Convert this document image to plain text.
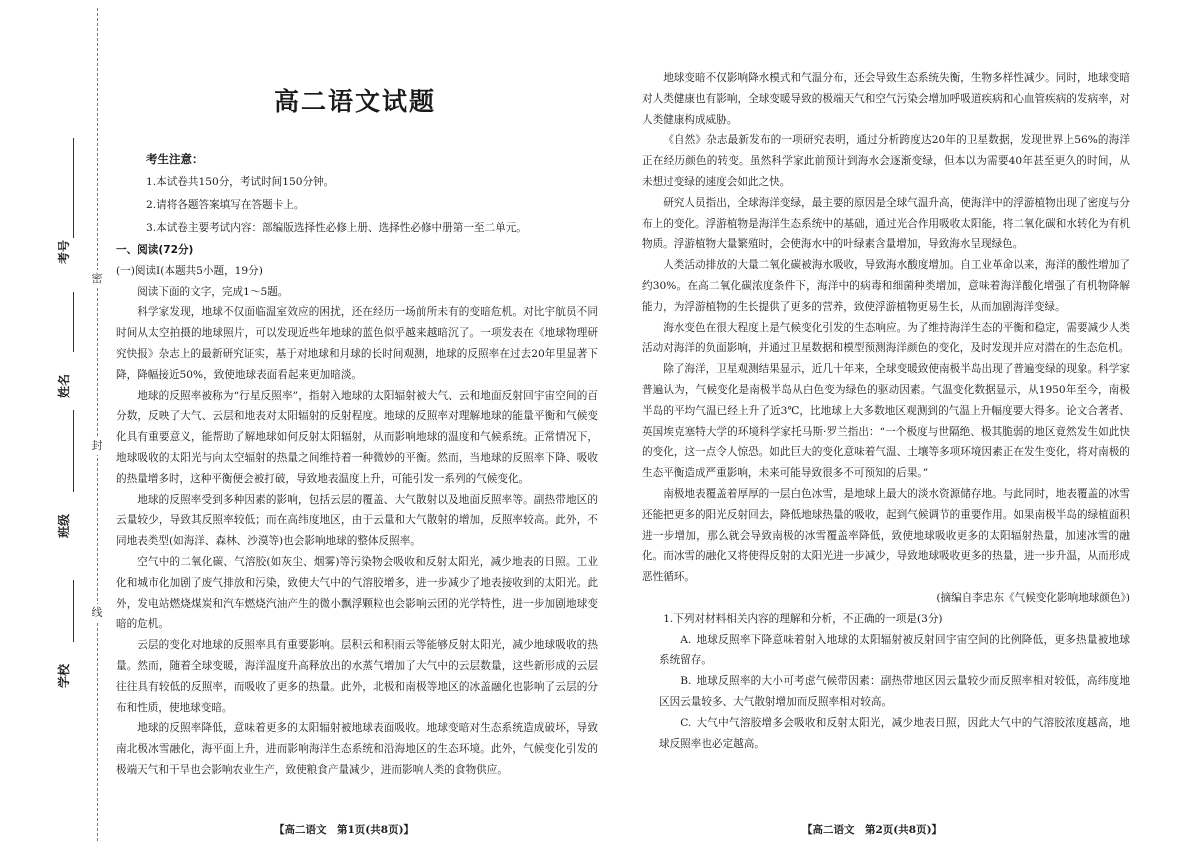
密
封
线
考号
姓名
班级
学校
高二语文试题
考生注意：
1.本试卷共150分，考试时间150分钟。
2.请将各题答案填写在答题卡上。
3.本试卷主要考试内容：部编版选择性必修上册、选择性必修中册第一至二单元。

一、阅读(72分)

(一)阅读Ⅰ(本题共5小题，19分)

阅读下面的文字，完成1～5题。

科学家发现，地球不仅面临温室效应的困扰，还在经历一场前所未有的变暗危机。对比宇航员不同时间从太空拍摄的地球照片，可以发现近些年地球的蓝色似乎越来越暗沉了。一项发表在《地球物理研究快报》杂志上的最新研究证实，基于对地球和月球的长时间观测，地球的反照率在过去20年里显著下降，降幅接近50%，致使地球表面看起来更加暗淡。

地球的反照率被称为“行星反照率”，指射入地球的太阳辐射被大气、云和地面反射回宇宙空间的百分数，反映了大气、云层和地表对太阳辐射的反射程度。地球的反照率对理解地球的能量平衡和气候变化具有重要意义，能帮助了解地球如何反射太阳辐射，从而影响地球的温度和气候系统。正常情况下，地球吸收的太阳光与向太空辐射的热量之间维持着一种微妙的平衡。然而，当地球的反照率下降、吸收的热量增多时，这种平衡便会被打破，导致地表温度上升，可能引发一系列的气候变化。

地球的反照率受到多种因素的影响，包括云层的覆盖、大气散射以及地面反照率等。副热带地区的云量较少，导致其反照率较低；而在高纬度地区，由于云量和大气散射的增加，反照率较高。此外，不同地表类型(如海洋、森林、沙漠等)也会影响地球的整体反照率。

空气中的二氧化碳、气溶胶(如灰尘、烟雾)等污染物会吸收和反射太阳光，减少地表的日照。工业化和城市化加剧了废气排放和污染，致使大气中的气溶胶增多，进一步减少了地表接收到的太阳光。此外，发电站燃烧煤炭和汽车燃烧汽油产生的微小飘浮颗粒也会影响云团的光学特性，进一步加剧地球变暗的危机。

云层的变化对地球的反照率具有重要影响。层积云和积雨云等能够反射太阳光，减少地球吸收的热量。然而，随着全球变暖，海洋温度升高释放出的水蒸气增加了大气中的云层数量，这些新形成的云层往往具有较低的反照率，而吸收了更多的热量。此外，北极和南极等地区的冰盖融化也影响了云层的分布和性质，使地球变暗。

地球的反照率降低，意味着更多的太阳辐射被地球表面吸收。地球变暗对生态系统造成破坏，导致南北极冰雪融化，海平面上升，进而影响海洋生态系统和沿海地区的生态环境。此外，气候变化引发的极端天气和干旱也会影响农业生产，致使粮食产量减少，进而影响人类的食物供应。

【高二语文　第1页(共8页)】

地球变暗不仅影响降水模式和气温分布，还会导致生态系统失衡，生物多样性减少。同时，地球变暗对人类健康也有影响，全球变暖导致的极端天气和空气污染会增加呼吸道疾病和心血管疾病的发病率，对人类健康构成威胁。

《自然》杂志最新发布的一项研究表明，通过分析跨度达20年的卫星数据，发现世界上56%的海洋正在经历颜色的转变。虽然科学家此前预计到海水会逐渐变绿，但本以为需要40年甚至更久的时间，从未想过变绿的速度会如此之快。

研究人员指出，全球海洋变绿，最主要的原因是全球气温升高，使海洋中的浮游植物出现了密度与分布上的变化。浮游植物是海洋生态系统中的基础，通过光合作用吸收太阳能，将二氧化碳和水转化为有机物质。浮游植物大量繁殖时，会使海水中的叶绿素含量增加，导致海水呈现绿色。

人类活动排放的大量二氧化碳被海水吸收，导致海水酸度增加。自工业革命以来，海洋的酸性增加了约30%。在高二氧化碳浓度条件下，海洋中的病毒和细菌种类增加，意味着海洋酸化增强了有机物降解能力，为浮游植物的生长提供了更多的营养，致使浮游植物更易生长，从而加剧海洋变绿。

海水变色在很大程度上是气候变化引发的生态响应。为了维持海洋生态的平衡和稳定，需要减少人类活动对海洋的负面影响，并通过卫星数据和模型预测海洋颜色的变化，及时发现并应对潜在的生态危机。

除了海洋，卫星观测结果显示，近几十年来，全球变暖致使南极半岛出现了普遍变绿的现象。科学家普遍认为，气候变化是南极半岛从白色变为绿色的驱动因素。气温变化数据显示，从1950年至今，南极半岛的平均气温已经上升了近3℃，比地球上大多数地区观测到的气温上升幅度要大得多。论文合著者、英国埃克塞特大学的环境科学家托马斯·罗兰指出：“一个极度与世隔绝、极其脆弱的地区竟然发生如此快的变化，这一点令人惊恐。如此巨大的变化意味着气温、土壤等多项环境因素正在发生变化，将对南极的生态平衡造成严重影响，未来可能导致很多不可预知的后果。”

南极地表覆盖着厚厚的一层白色冰雪，是地球上最大的淡水资源储存地。与此同时，地表覆盖的冰雪还能把更多的阳光反射回去，降低地球热量的吸收，起到气候调节的重要作用。如果南极半岛的绿植面积进一步增加，那么就会导致南极的冰雪覆盖率降低，致使地球吸收更多的太阳辐射热量，加速冰雪的融化。而冰雪的融化又将使得反射的太阳光进一步减少，导致地球吸收更多的热量，进一步升温，从而形成恶性循环。

(摘编自李忠东《气候变化影响地球颜色》)

1.下列对材料相关内容的理解和分析，不正确的一项是(3分)

A. 地球反照率下降意味着射入地球的太阳辐射被反射回宇宙空间的比例降低，更多热量被地球系统留存。

B. 地球反照率的大小可考虑气候带因素：副热带地区因云量较少而反照率相对较低，高纬度地区因云量较多、大气散射增加而反照率相对较高。

C. 大气中气溶胶增多会吸收和反射太阳光，减少地表日照，因此大气中的气溶胶浓度越高，地球反照率也必定越高。

【高二语文　第2页(共8页)】
